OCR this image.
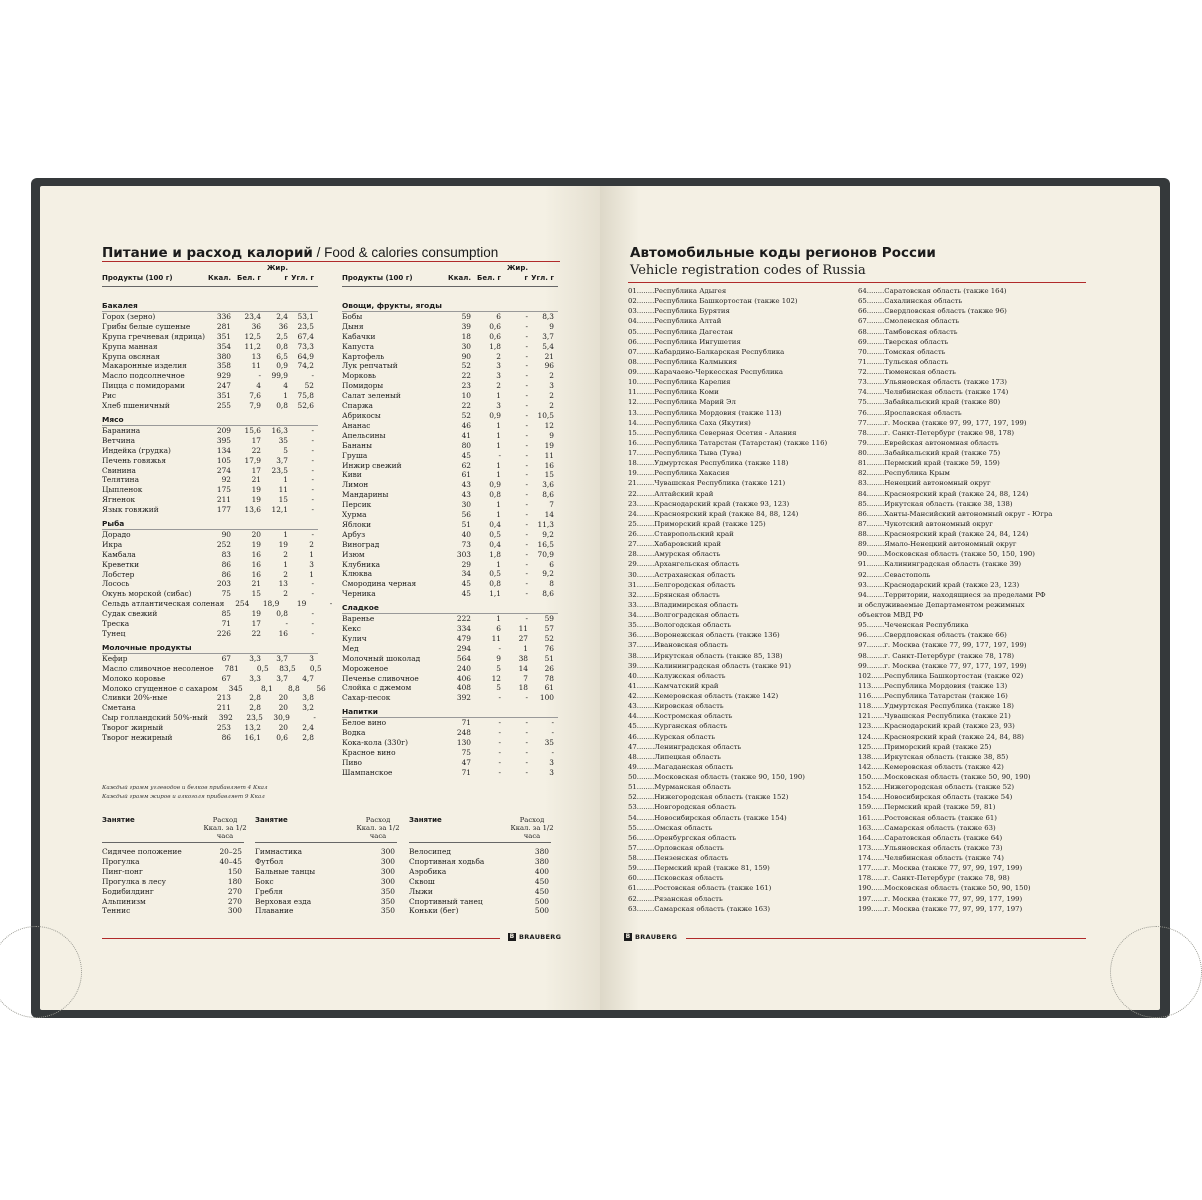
Питание и расход калорий / Food & calories consumption
Продукты (100 г)	Ккал. Бел. г
Жир. г Угл. г
Бакалея
Горох (зерно)	336	23,4	2,4	53,1
Грибы белые сушеные	281	36	36	23,5
Крупа гречневая (ядрица)	351	12,5	2,5	67,4
Крупа манная	354	11,2	0,8	73,3
Крупа овсяная	380	13	6,5	64,9
Макаронные изделия	358	11	0,9	74,2
Масло подсолнечное	929	-	99,9	-
Пицца с помидорами	247	4	4	52
Рис	351	7,6	1	75,8
Хлеб пшеничный	255	7,9	0,8	52,6
Мясо
Баранина	209	15,6	16,3	-
Ветчина	395	17	35	-
Индейка (грудка)	134	22	5	-
Печень говяжья	105	17,9	3,7	-
Свинина	274	17	23,5	-
Телятина	92	21	1	-
Цыпленок	175	19	11	-
Ягненок	211	19	15	-
Язык говяжий	177	13,6	12,1	-
Рыба
Дорадо	90	20	1	-
Икра	252	19	19	2
Камбала	83	16	2	1
Креветки	86	16	1	3
Лобстер	86	16	2	1
Лосось	203	21	13	-
Окунь морской (сибас)	75	15	2	-
Сельдь атлантическая соленая	254	18,9	19	-
Судак свежий	85	19	0,8	-
Треска	71	17	-	-
Тунец	226	22	16	-
Молочные продукты
Кефир	67	3,3	3,7	3
Масло сливочное несоленое	781	0,5	83,5	0,5
Молоко коровье	67	3,3	3,7	4,7
Молоко сгущенное с сахаром	345	8,1	8,8	56
Сливки 20%-ные	213	2,8	20	3,8
Сметана	211	2,8	20	3,2
Сыр голландский 50%-ный	392	23,5	30,9	-
Творог жирный	253	13,2	20	2,4
Творог нежирный	86	16,1	0,6	2,8
Продукты (100 г)	Ккал. Бел. г
Жир. г Угл. г
Овощи, фрукты, ягоды
Бобы	59	6	-	8,3
Дыня	39	0,6	-	9
Кабачки	18	0,6	-	3,7
Капуста	30	1,8	-	5,4
Картофель	90	2	-	21
Лук репчатый	52	3	-	96
Морковь	22	3	-	2
Помидоры	23	2	-	3
Салат зеленый	10	1	-	2
Спаржа	22	3	-	2
Абрикосы	52	0,9	-	10,5
Ананас	46	1	-	12
Апельсины	41	1	-	9
Бананы	80	1	-	19
Груша	45	-	-	11
Инжир свежий	62	1	-	16
Киви	61	1	-	15
Лимон	43	0,9	-	3,6
Мандарины	43	0,8	-	8,6
Персик	30	1	-	7
Хурма	56	1	-	14
Яблоки	51	0,4	-	11,3
Арбуз	40	0,5	-	9,2
Виноград	73	0,4	-	16,5
Изюм	303	1,8	-	70,9
Клубника	29	1	-	6
Клюква	34	0,5	-	9,2
Смородина черная	45	0,8	-	8
Черника	45	1,1	-	8,6
Сладкое
Варенье	222	1	-	59
Кекс	334	6	11	57
Кулич	479	11	27	52
Мед	294	-	1	76
Молочный шоколад	564	9	38	51
Мороженое	240	5	14	26
Печенье сливочное	406	12	7	78
Слойка с джемом	408	5	18	61
Сахар-песок	392	-	-	100
Напитки
Белое вино	71	-	-	-
Водка	248	-	-	-
Кока-кола (330г)	130	-	-	35
Красное вино	75	-	-	-
Пиво	47	-	-	3
Шампанское	71	-	-	3
Каждый грамм углеводов и белков прибавляет 4 Ккал
Каждый грамм жиров и алкоголя прибавляет 9 Ккал
Занятие	Расход Ккал. за 1/2 часа
Сидячее положение	20–25
Прогулка	40–45
Пинг-понг	150
Прогулка в лесу	180
Бодибилдинг	270
Альпинизм	270
Теннис	300
Занятие	Расход Ккал. за 1/2 часа
Гимнастика	300
Футбол	300
Бальные танцы	300
Бокс	300
Гребля	350
Верховая езда	350
Плавание	350
Занятие	Расход Ккал. за 1/2 часа
Велосипед	380
Спортивная ходьба	380
Аэробика	400
Сквош	450
Лыжи	450
Спортивный танец	500
Коньки (бег)	500
B BRAUBERG
Автомобильные коды регионов России
Vehicle registration codes of Russia
01........Республика Адыгея
02........Республика Башкортостан (также 102)
03........Республика Бурятия
04........Республика Алтай
05........Республика Дагестан
06........Республика Ингушетия
07........Кабардино-Балкарская Республика
08........Республика Калмыкия
09........Карачаево-Черкесская Республика
10........Республика Карелия
11........Республика Коми
12........Республика Марий Эл
13........Республика Мордовия (также 113)
14........Республика Саха (Якутия)
15........Республика Северная Осетия - Алания
16........Республика Татарстан (Татарстан) (также 116)
17........Республика Тыва (Тува)
18........Удмуртская Республика (также 118)
19........Республика Хакасия
21........Чувашская Республика (также 121)
22........Алтайский край
23........Краснодарский край (также 93, 123)
24........Красноярский край (также 84, 88, 124)
25........Приморский край (также 125)
26........Ставропольский край
27........Хабаровский край
28........Амурская область
29........Архангельская область
30........Астраханская область
31........Белгородская область
32........Брянская область
33........Владимирская область
34........Волгоградская область
35........Вологодская область
36........Воронежская область (также 136)
37........Ивановская область
38........Иркутская область (также 85, 138)
39........Калининградская область (также 91)
40........Калужская область
41........Камчатский край
42........Кемеровская область (также 142)
43........Кировская область
44........Костромская область
45........Курганская область
46........Курская область
47........Ленинградская область
48........Липецкая область
49........Магаданская область
50........Московская область (также 90, 150, 190)
51........Мурманская область
52........Нижегородская область (также 152)
53........Новгородская область
54........Новосибирская область (также 154)
55........Омская область
56........Оренбургская область
57........Орловская область
58........Пензенская область
59........Пермский край (также 81, 159)
60........Псковская область
61........Ростовская область (также 161)
62........Рязанская область
63........Самарская область (также 163)
64........Саратовская область (также 164)
65........Сахалинская область
66........Свердловская область (также 96)
67........Смоленская область
68........Тамбовская область
69........Тверская область
70........Томская область
71........Тульская область
72........Тюменская область
73........Ульяновская область (также 173)
74........Челябинская область (также 174)
75........Забайкальский край (также 80)
76........Ярославская область
77........г. Москва (также 97, 99, 177, 197, 199)
78........г. Санкт-Петербург (также 98, 178)
79........Еврейская автономная область
80........Забайкальский край (также 75)
81........Пермский край (также 59, 159)
82........Республика Крым
83........Ненецкий автономный округ
84........Красноярский край (также 24, 88, 124)
85........Иркутская область (также 38, 138)
86........Ханты-Мансийский автономный округ - Югра
87........Чукотский автономный округ
88........Красноярский край (также 24, 84, 124)
89........Ямало-Ненецкий автономный округ
90........Московская область (также 50, 150, 190)
91........Калининградская область (также 39)
92........Севастополь
93........Краснодарский край (также 23, 123)
94........Территории, находящиеся за пределами РФ
и обслуживаемые Департаментом режимных
объектов МВД РФ
95........Чеченская Республика
96........Свердловская область (также 66)
97........г. Москва (также 77, 99, 177, 197, 199)
98........г. Санкт-Петербург (также 78, 178)
99........г. Москва (также 77, 97, 177, 197, 199)
102......Республика Башкортостан (также 02)
113......Республика Мордовия (также 13)
116......Республика Татарстан (также 16)
118......Удмуртская Республика (также 18)
121......Чувашская Республика (также 21)
123......Краснодарский край (также 23, 93)
124......Красноярский край (также 24, 84, 88)
125......Приморский край (также 25)
138......Иркутская область (также 38, 85)
142......Кемеровская область (также 42)
150......Московская область (также 50, 90, 190)
152......Нижегородская область (также 52)
154......Новосибирская область (также 54)
159......Пермский край (также 59, 81)
161......Ростовская область (также 61)
163......Самарская область (также 63)
164......Саратовская область (также 64)
173......Ульяновская область (также 73)
174......Челябинская область (также 74)
177......г. Москва (также 77, 97, 99, 197, 199)
178......г. Санкт-Петербург (также 78, 98)
190......Московская область (также 50, 90, 150)
197......г. Москва (также 77, 97, 99, 177, 199)
199......г. Москва (также 77, 97, 99, 177, 197)
B BRAUBERG
